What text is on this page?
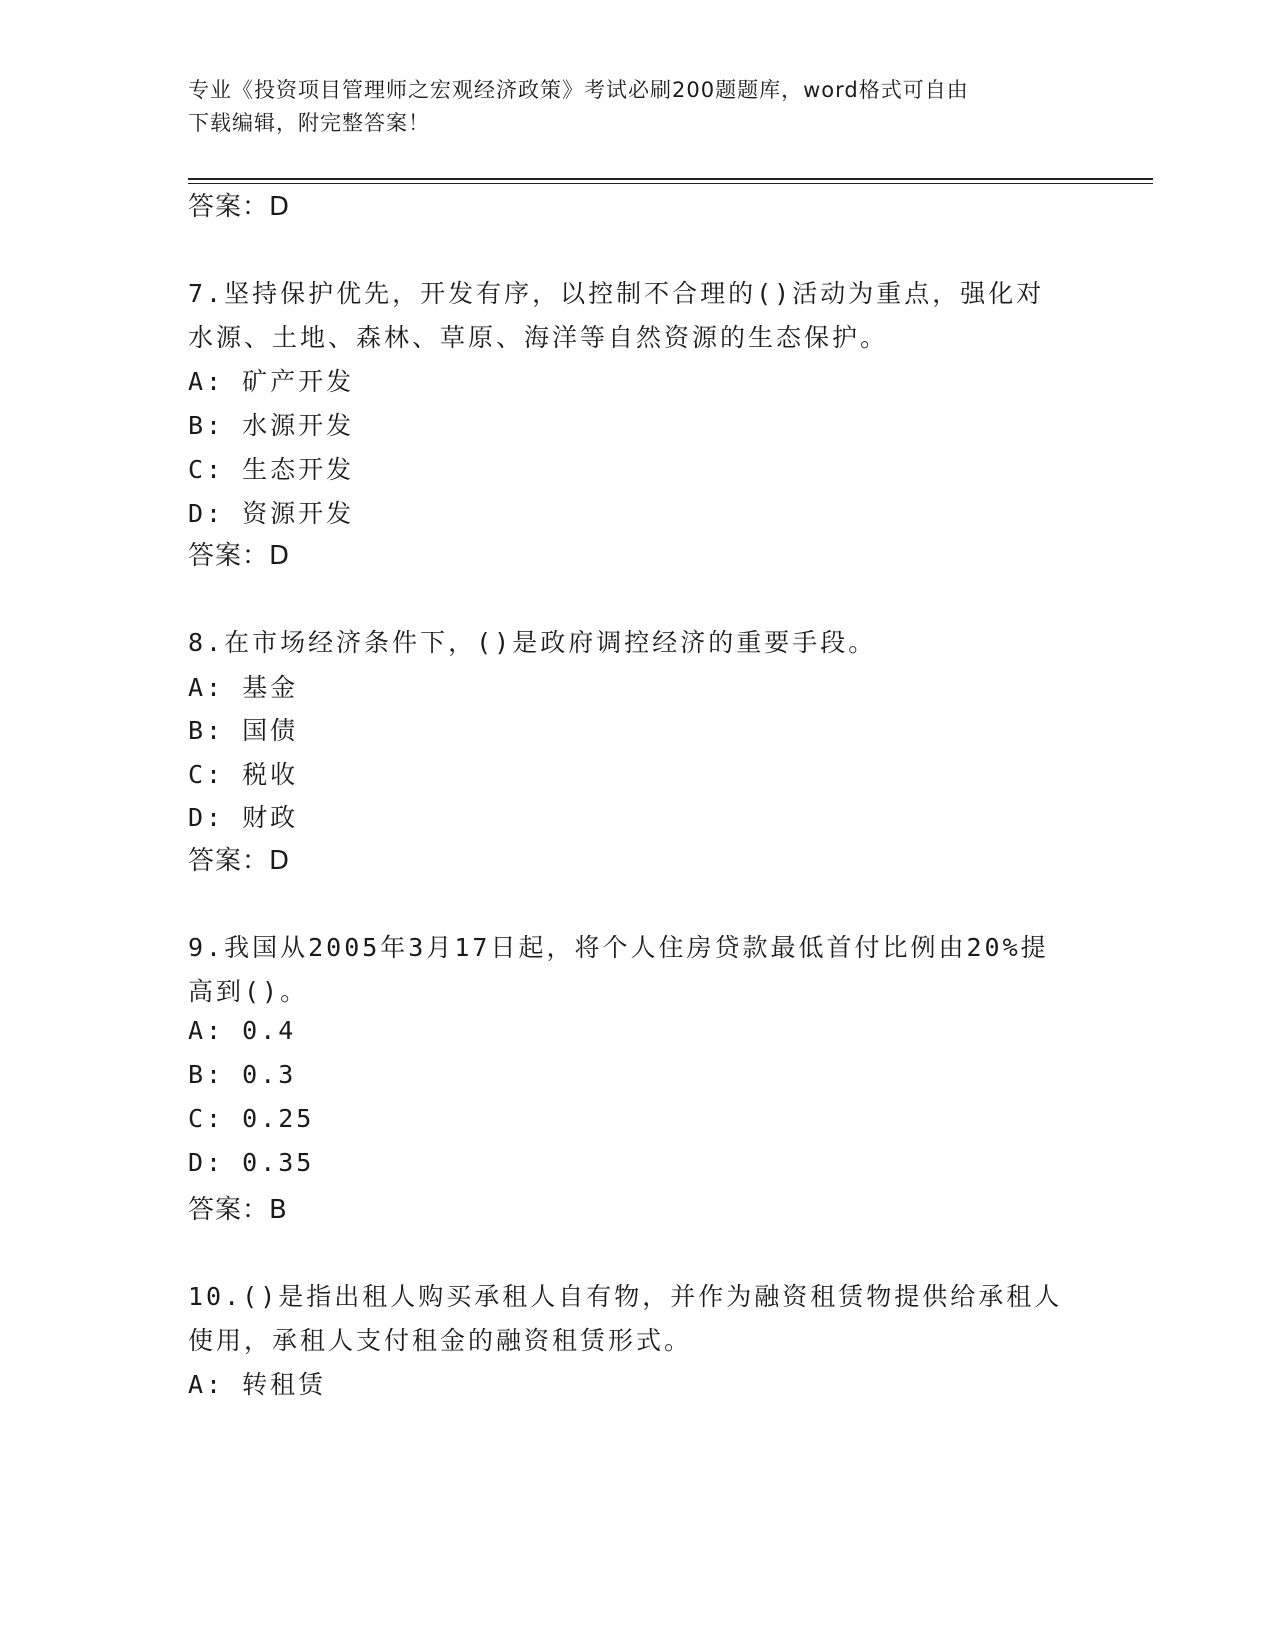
专业《投资项目管理师之宏观经济政策》考试必刷200题题库，word格式可自由
下载编辑，附完整答案！
答案：D
7.坚持保护优先，开发有序，以控制不合理的()活动为重点，强化对
水源、土地、森林、草原、海洋等自然资源的生态保护。
A: 矿产开发
B: 水源开发
C: 生态开发
D: 资源开发
答案：D
8.在市场经济条件下，()是政府调控经济的重要手段。
A: 基金
B: 国债
C: 税收
D: 财政
答案：D
9.我国从2005年3月17日起，将个人住房贷款最低首付比例由20%提
高到()。
A: 0.4
B: 0.3
C: 0.25
D: 0.35
答案：B
10.()是指出租人购买承租人自有物，并作为融资租赁物提供给承租人
使用，承租人支付租金的融资租赁形式。
A: 转租赁
